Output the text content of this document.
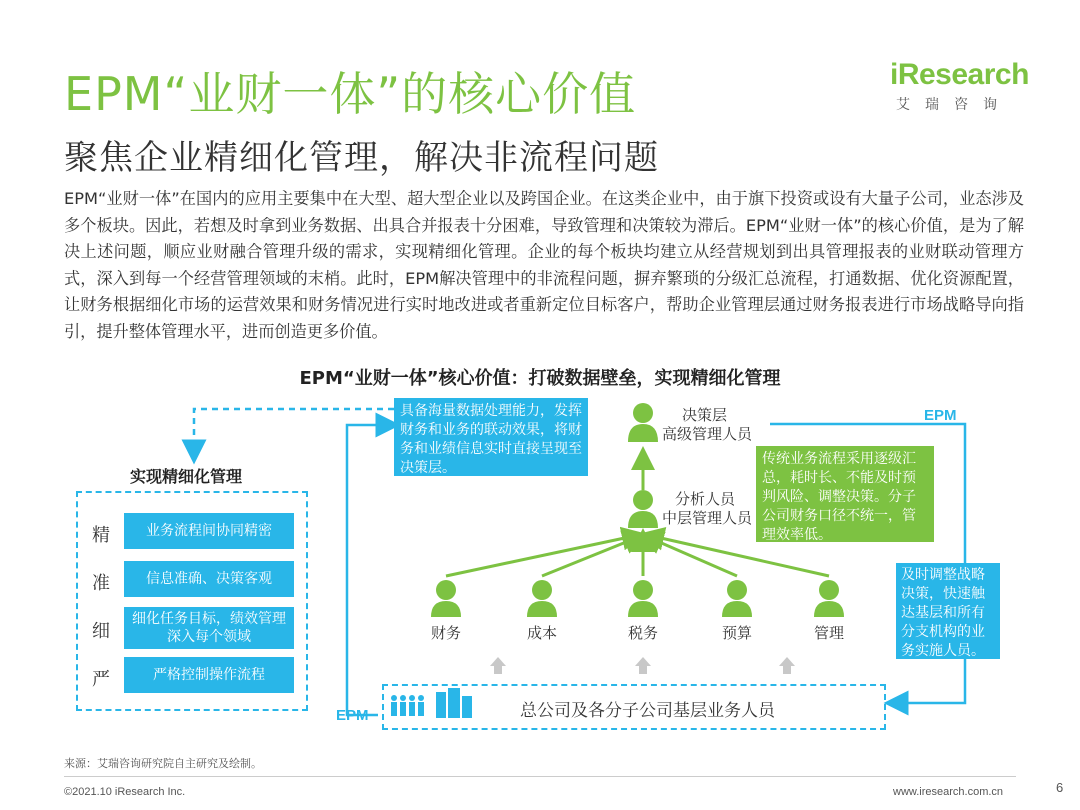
EPM“业财一体”的核心价值
聚焦企业精细化管理，解决非流程问题
iResearch
艾瑞咨询
EPM“业财一体”在国内的应用主要集中在大型、超大型企业以及跨国企业。在这类企业中，由于旗下投资或设有大量子公司，业态涉及多个板块。因此，若想及时拿到业务数据、出具合并报表十分困难，导致管理和决策较为滞后。EPM“业财一体”的核心价值，是为了解决上述问题，顺应业财融合管理升级的需求，实现精细化管理。企业的每个板块均建立从经营规划到出具管理报表的业财联动管理方式，深入到每一个经营管理领域的末梢。此时，EPM解决管理中的非流程问题，摒弃繁琐的分级汇总流程，打通数据、优化资源配置，让财务根据细化市场的运营效果和财务情况进行实时地改进或者重新定位目标客户，帮助企业管理层通过财务报表进行市场战略导向指引，提升整体管理水平，进而创造更多价值。
EPM“业财一体”核心价值：打破数据壁垒，实现精细化管理
具备海量数据处理能力，发挥财务和业务的联动效果，将财务和业绩信息实时直接呈现至决策层。
决策层
高级管理人员
分析人员
中层管理人员
传统业务流程采用逐级汇总，耗时长、不能及时预判风险、调整决策。分子公司财务口径不统一，管理效率低。
及时调整战略决策，快速触达基层和所有分支机构的业务实施人员。
EPM
EPM
财务	成本	税务	预算	管理
总公司及各分子公司基层业务人员
实现精细化管理
精
准
细
严
业务流程间协同精密
信息准确、决策客观
细化任务目标，绩效管理深入每个领域
严格控制操作流程
来源：艾瑞咨询研究院自主研究及绘制。
©2021.10 iResearch Inc.	www.iresearch.com.cn	6
